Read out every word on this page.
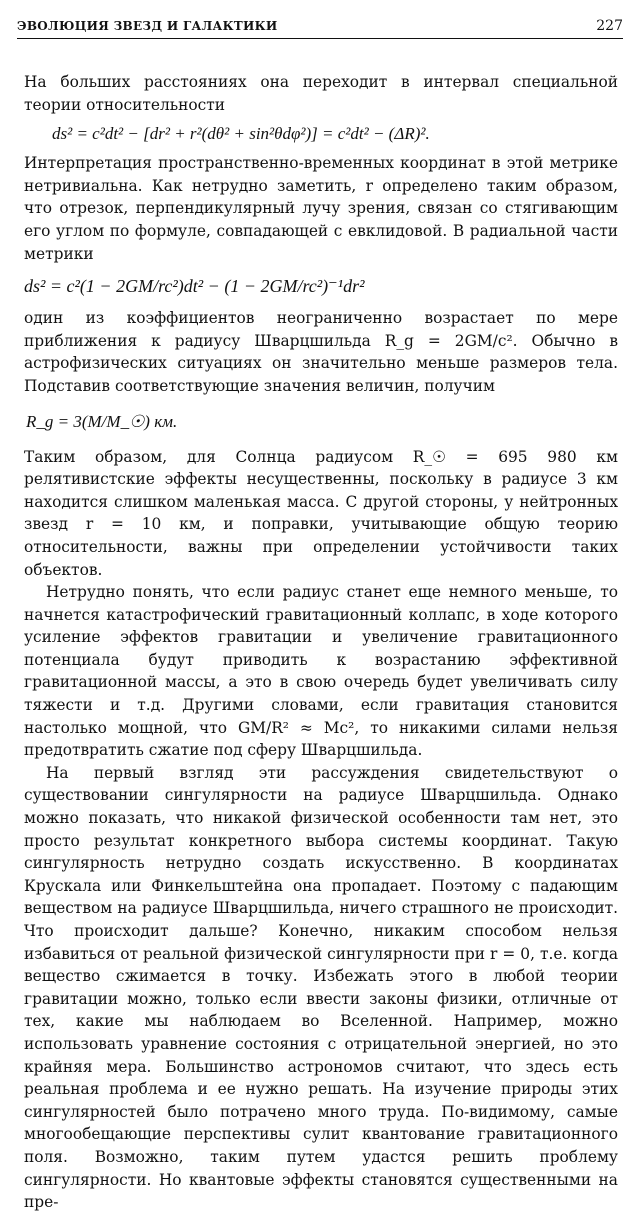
ЭВОЛЮЦИЯ ЗВЕЗД И ГАЛАКТИКИ	227

На больших расстояниях она переходит в интервал специальной теории относительности

ds² = c²dt² − [dr² + r²(dθ² + sin²θdφ²)] = c²dt² − (ΔR)².

Интерпретация пространственно-временных координат в этой метрике нетривиальна. Как нетрудно заметить, r определено таким образом, что отрезок, перпендикулярный лучу зрения, связан со стягивающим его углом по формуле, совпадающей с евклидовой. В радиальной части метрики

ds² = c²(1 − 2GM/rc²)dt² − (1 − 2GM/rc²)⁻¹dr²

один из коэффициентов неограниченно возрастает по мере приближения к радиусу Шварцшильда R_g = 2GM/c². Обычно в астрофизических ситуациях он значительно меньше размеров тела. Подставив соответствующие значения величин, получим

R_g = 3(M/M_☉) км.

Таким образом, для Солнца радиусом R_☉ = 695 980 км релятивистские эффекты несущественны, поскольку в радиусе 3 км находится слишком маленькая масса. С другой стороны, у нейтронных звезд r = 10 км, и поправки, учитывающие общую теорию относительности, важны при определении устойчивости таких объектов.

Нетрудно понять, что если радиус станет еще немного меньше, то начнется катастрофический гравитационный коллапс, в ходе которого усиление эффектов гравитации и увеличение гравитационного потенциала будут приводить к возрастанию эффективной гравитационной массы, а это в свою очередь будет увеличивать силу тяжести и т.д. Другими словами, если гравитация становится настолько мощной, что GM/R² ≈ Mc², то никакими силами нельзя предотвратить сжатие под сферу Шварцшильда.

На первый взгляд эти рассуждения свидетельствуют о существовании сингулярности на радиусе Шварцшильда. Однако можно показать, что никакой физической особенности там нет, это просто результат конкретного выбора системы координат. Такую сингулярность нетрудно создать искусственно. В координатах Крускала или Финкельштейна она пропадает. Поэтому с падающим веществом на радиусе Шварцшильда, ничего страшного не происходит. Что происходит дальше? Конечно, никаким способом нельзя избавиться от реальной физической сингулярности при r = 0, т.е. когда вещество сжимается в точку. Избежать этого в любой теории гравитации можно, только если ввести законы физики, отличные от тех, какие мы наблюдаем во Вселенной. Например, можно использовать уравнение состояния с отрицательной энергией, но это крайняя мера. Большинство астрономов считают, что здесь есть реальная проблема и ее нужно решать. На изучение природы этих сингулярностей было потрачено много труда. По-видимому, самые многообещающие перспективы сулит квантование гравитационного поля. Возможно, таким путем удастся решить проблему сингулярности. Но квантовые эффекты становятся существенными на пре-
